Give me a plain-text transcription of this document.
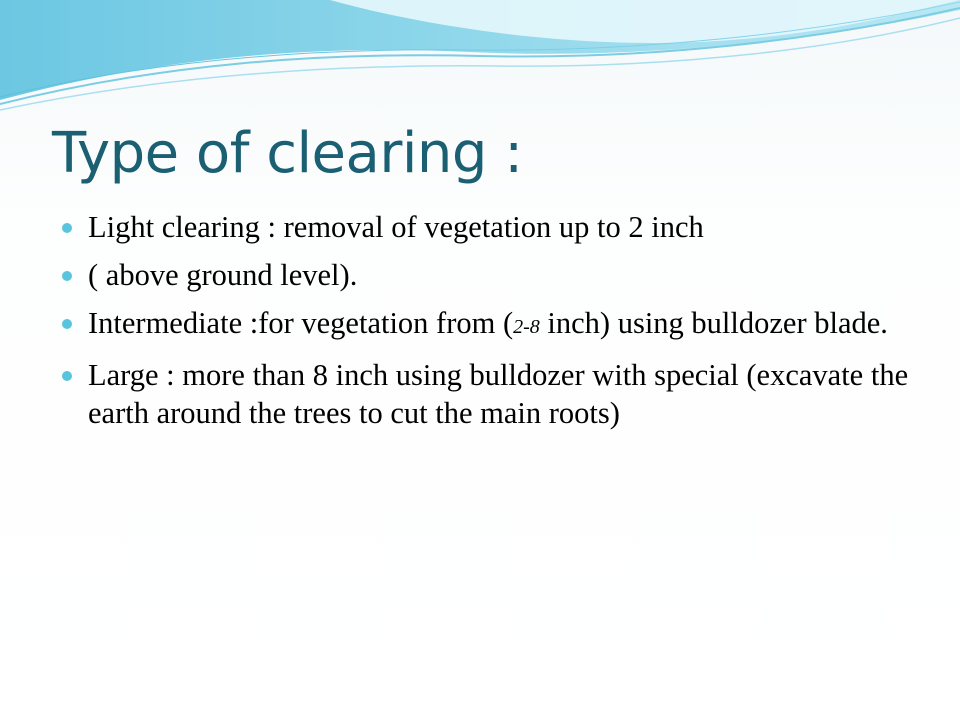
Type of clearing :
Light clearing : removal of vegetation up to 2 inch
( above ground level).
Intermediate :for vegetation from (2-8 inch) using bulldozer blade.
Large : more than 8 inch using bulldozer with special (excavate the earth around the trees to cut the main roots)
